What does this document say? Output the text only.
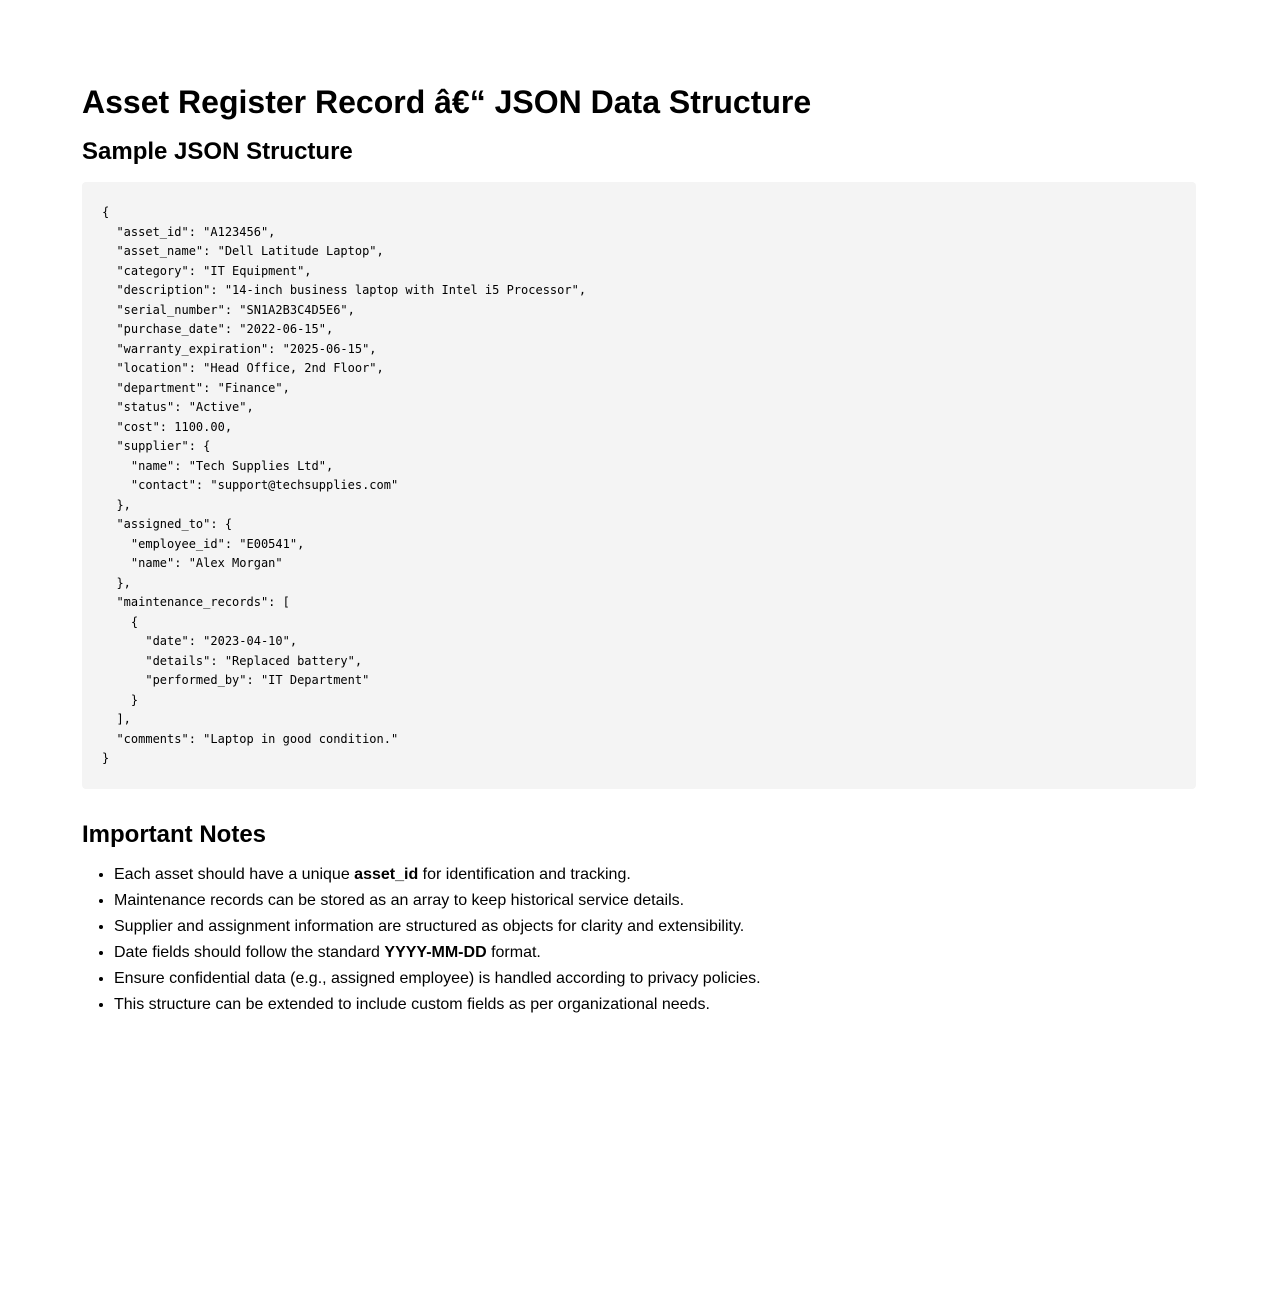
Asset Register Record â€“ JSON Data Structure
Sample JSON Structure
{
"asset_id": "A123456",
"asset_name": "Dell Latitude Laptop",
"category": "IT Equipment",
"description": "14-inch business laptop with Intel i5 Processor",
"serial_number": "SN1A2B3C4D5E6",
"purchase_date": "2022-06-15",
"warranty_expiration": "2025-06-15",
"location": "Head Office, 2nd Floor",
"department": "Finance",
"status": "Active",
"cost": 1100.00,
"supplier": {
"name": "Tech Supplies Ltd",
"contact": "support@techsupplies.com"
},
"assigned_to": {
"employee_id": "E00541",
"name": "Alex Morgan"
},
"maintenance_records": [
{
"date": "2023-04-10",
"details": "Replaced battery",
"performed_by": "IT Department"
}
],
"comments": "Laptop in good condition."
}
Important Notes
• Each asset should have a unique asset_id for identification and tracking.
• Maintenance records can be stored as an array to keep historical service details.
• Supplier and assignment information are structured as objects for clarity and extensibility.
• Date fields should follow the standard YYYY-MM-DD format.
• Ensure confidential data (e.g., assigned employee) is handled according to privacy policies.
• This structure can be extended to include custom fields as per organizational needs.
